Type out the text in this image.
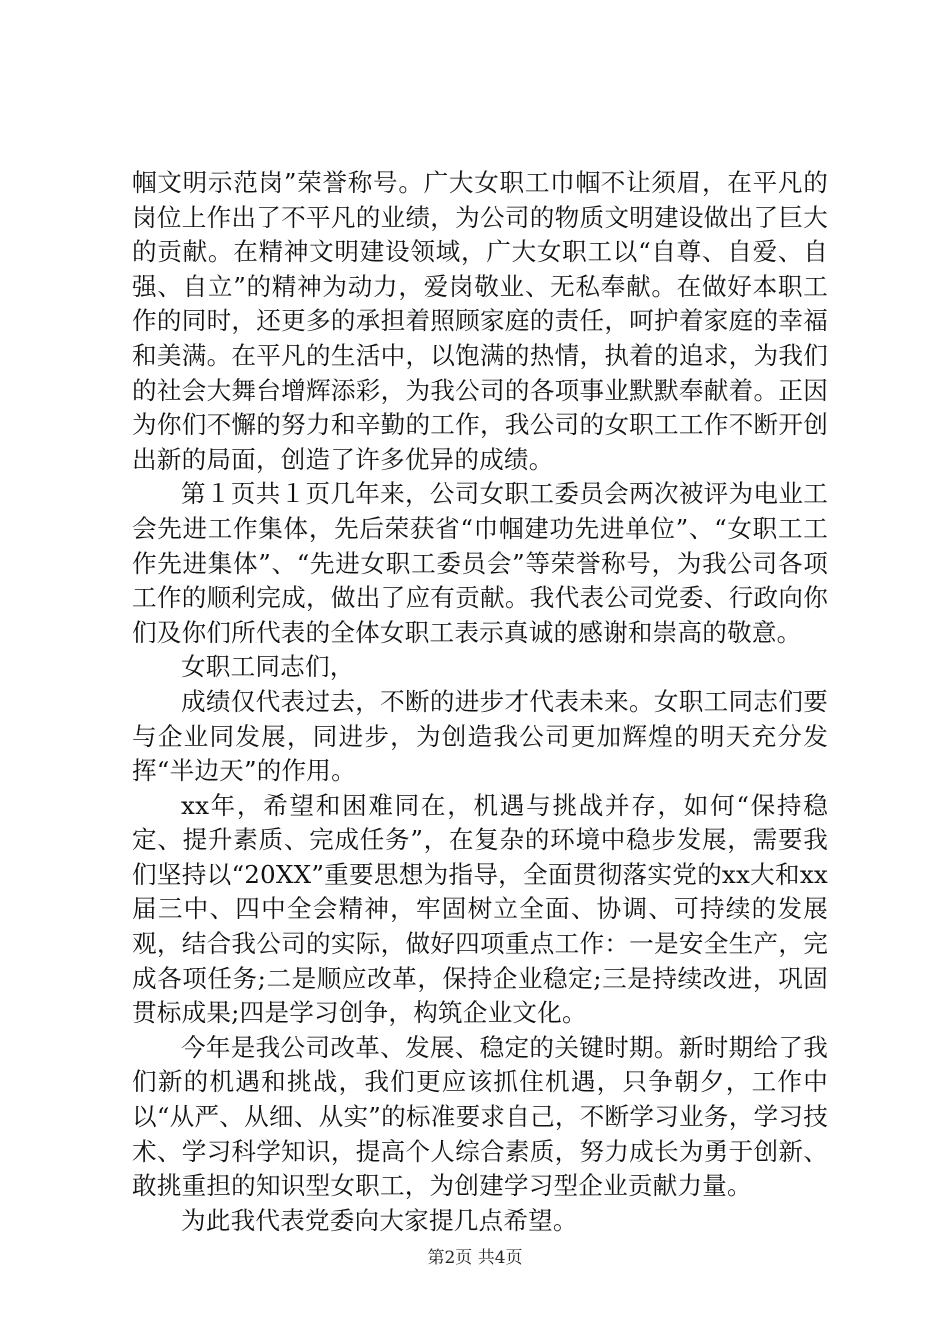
帼文明示范岗”荣誉称号。广大女职工巾帼不让须眉，在平凡的岗位上作出了不平凡的业绩，为公司的物质文明建设做出了巨大的贡献。在精神文明建设领域，广大女职工以“自尊、自爱、自强、自立”的精神为动力，爱岗敬业、无私奉献。在做好本职工作的同时，还更多的承担着照顾家庭的责任，呵护着家庭的幸福和美满。在平凡的生活中，以饱满的热情，执着的追求，为我们的社会大舞台增辉添彩，为我公司的各项事业默默奉献着。正因为你们不懈的努力和辛勤的工作，我公司的女职工工作不断开创出新的局面，创造了许多优异的成绩。

第１页共１页几年来，公司女职工委员会两次被评为电业工会先进工作集体，先后荣获省“巾帼建功先进单位”、“女职工工作先进集体”、“先进女职工委员会”等荣誉称号，为我公司各项工作的顺利完成，做出了应有贡献。我代表公司党委、行政向你们及你们所代表的全体女职工表示真诚的感谢和崇高的敬意。

女职工同志们，

成绩仅代表过去，不断的进步才代表未来。女职工同志们要与企业同发展，同进步，为创造我公司更加辉煌的明天充分发挥“半边天”的作用。

xx年，希望和困难同在，机遇与挑战并存，如何“保持稳定、提升素质、完成任务”，在复杂的环境中稳步发展，需要我们坚持以“20XX”重要思想为指导，全面贯彻落实党的xx大和xx届三中、四中全会精神，牢固树立全面、协调、可持续的发展观，结合我公司的实际，做好四项重点工作：一是安全生产，完成各项任务;二是顺应改革，保持企业稳定;三是持续改进，巩固贯标成果;四是学习创争，构筑企业文化。

今年是我公司改革、发展、稳定的关键时期。新时期给了我们新的机遇和挑战，我们更应该抓住机遇，只争朝夕，工作中以“从严、从细、从实”的标准要求自己，不断学习业务，学习技术、学习科学知识，提高个人综合素质，努力成长为勇于创新、敢挑重担的知识型女职工，为创建学习型企业贡献力量。

为此我代表党委向大家提几点希望。

第2页 共4页
